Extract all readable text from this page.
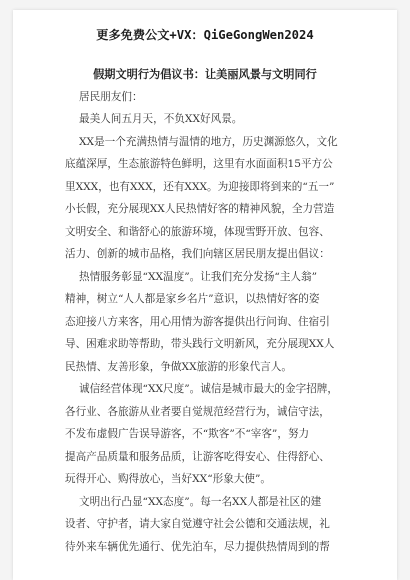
更多免费公文+VX：QiGeGongWen2024
假期文明行为倡议书：让美丽风景与文明同行
居民朋友们：
最美人间五月天，不负XX好风景。
XX是一个充满热情与温情的地方，历史渊源悠久，文化
底蕴深厚，生态旅游特色鲜明，这里有水面面积15平方公
里XXX，也有XXX，还有XXX。为迎接即将到来的“五一”
小长假，充分展现XX人民热情好客的精神风貌，全力营造
文明安全、和谐舒心的旅游环境，体现雪野开放、包容、
活力、创新的城市品格，我们向辖区居民朋友提出倡议：
热情服务彰显“XX温度”。让我们充分发扬“主人翁”
精神，树立“人人都是家乡名片”意识，以热情好客的姿
态迎接八方来客，用心用情为游客提供出行问询、住宿引
导、困难求助等帮助，带头践行文明新风，充分展现XX人
民热情、友善形象，争做XX旅游的形象代言人。
诚信经营体现“XX尺度”。诚信是城市最大的金字招牌，
各行业、各旅游从业者要自觉规范经营行为，诚信守法，
不发布虚假广告误导游客，不“欺客”不“宰客”，努力
提高产品质量和服务品质，让游客吃得安心、住得舒心、
玩得开心、购得放心，当好XX“形象大使”。
文明出行凸显“XX态度”。每一名XX人都是社区的建
设者、守护者，请大家自觉遵守社会公德和交通法规，礼
待外来车辆优先通行、优先泊车，尽力提供热情周到的帮
